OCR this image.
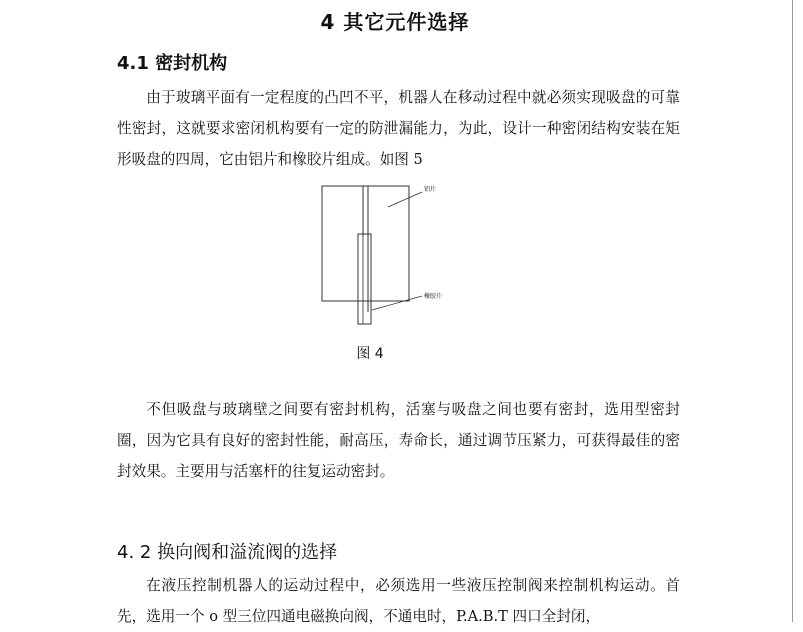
4 其它元件选择
4.1 密封机构
由于玻璃平面有一定程度的凸凹不平，机器人在移动过程中就必须实现吸盘的可靠性密封，这就要求密闭机构要有一定的防泄漏能力，为此，设计一种密闭结构安装在矩形吸盘的四周，它由铝片和橡胶片组成。如图 5
铝片
橡胶片
图 4
不但吸盘与玻璃壁之间要有密封机构，活塞与吸盘之间也要有密封，选用型密封圈，因为它具有良好的密封性能，耐高压，寿命长，通过调节压紧力，可获得最佳的密封效果。主要用与活塞杆的往复运动密封。
4. 2 换向阀和溢流阀的选择
在液压控制机器人的运动过程中，必须选用一些液压控制阀来控制机构运动。首先，选用一个 o 型三位四通电磁换向阀，不通电时，P.A.B.T 四口全封闭，
